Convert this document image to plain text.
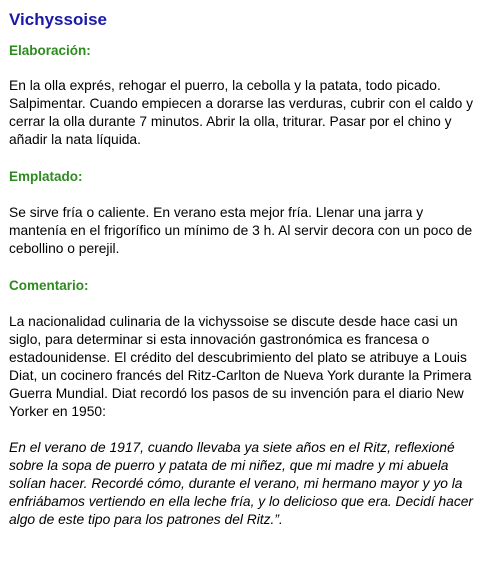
Vichyssoise
Elaboración:

En la olla exprés, rehogar el puerro, la cebolla y la patata, todo picado. Salpimentar. Cuando empiecen a dorarse las verduras, cubrir con el caldo y cerrar la olla durante 7 minutos. Abrir la olla, triturar. Pasar por el chino y añadir la nata líquida.

Emplatado:

Se sirve fría o caliente. En verano esta mejor fría. Llenar una jarra y mantenía en el frigorífico un mínimo de 3 h. Al servir decora con un poco de cebollino o perejil.

Comentario:

La nacionalidad culinaria de la vichyssoise se discute desde hace casi un siglo, para determinar si esta innovación gastronómica es francesa o estadounidense. El crédito del descubrimiento del plato se atribuye a Louis Diat, un cocinero francés del Ritz-Carlton de Nueva York durante la Primera Guerra Mundial. Diat recordó los pasos de su invención para el diario New Yorker en 1950:

En el verano de 1917, cuando llevaba ya siete años en el Ritz, reflexioné sobre la sopa de puerro y patata de mi niñez, que mi madre y mi abuela solían hacer. Recordé cómo, durante el verano, mi hermano mayor y yo la enfriábamos vertiendo en ella leche fría, y lo delicioso que era. Decidí hacer algo de este tipo para los patrones del Ritz.”.
